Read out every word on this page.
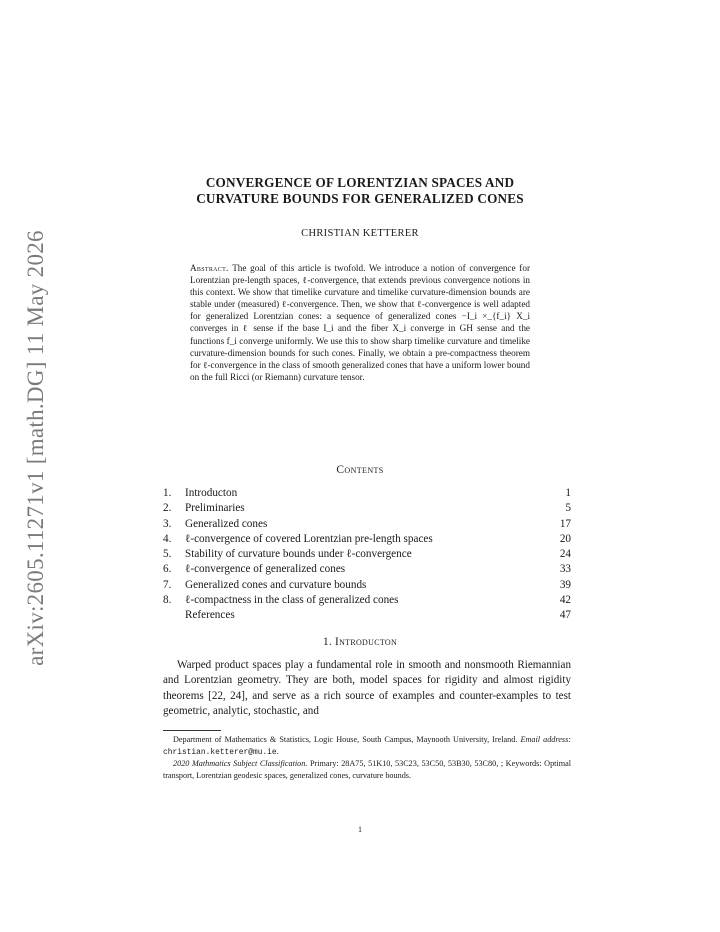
arXiv:2605.11271v1 [math.DG] 11 May 2026
CONVERGENCE OF LORENTZIAN SPACES AND
CURVATURE BOUNDS FOR GENERALIZED CONES
CHRISTIAN KETTERER
Abstract. The goal of this article is twofold. We introduce a notion of convergence for Lorentzian pre-length spaces, ℓ-convergence, that extends previous convergence notions in this context. We show that timelike curvature and timelike curvature-dimension bounds are stable under (measured) ℓ-convergence. Then, we show that ℓ-convergence is well adapted for generalized Lorentzian cones: a sequence of generalized cones −I_i ×_{f_i} X_i converges in ℓ sense if the base I_i and the fiber X_i converge in GH sense and the functions f_i converge uniformly. We use this to show sharp timelike curvature and timelike curvature-dimension bounds for such cones. Finally, we obtain a pre-compactness theorem for ℓ-convergence in the class of smooth generalized cones that have a uniform lower bound on the full Ricci (or Riemann) curvature tensor.
Contents
1.	Introducton	1
2.	Preliminaries	5
3.	Generalized cones	17
4.	ℓ-convergence of covered Lorentzian pre-length spaces	20
5.	Stability of curvature bounds under ℓ-convergence	24
6.	ℓ-convergence of generalized cones	33
7.	Generalized cones and curvature bounds	39
8.	ℓ-compactness in the class of generalized cones	42
References	47
1. Introducton
Warped product spaces play a fundamental role in smooth and nonsmooth Riemannian and Lorentzian geometry. They are both, model spaces for rigidity and almost rigidity theorems [22, 24], and serve as a rich source of examples and counter-examples to test geometric, analytic, stochastic, and

Department of Mathematics & Statistics, Logic House, South Campus, Maynooth University, Ireland. Email address: christian.ketterer@mu.ie.

2020 Mathmatics Subject Classification. Primary: 28A75, 51K10, 53C23, 53C50, 53B30, 53C80, ; Keywords: Optimal transport, Lorentzian geodesic spaces, generalized cones, curvature bounds.

1
